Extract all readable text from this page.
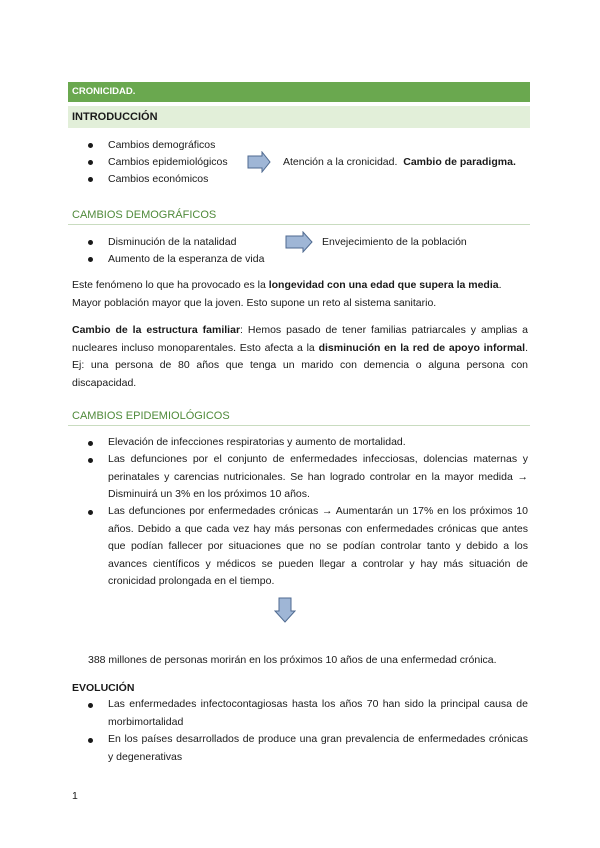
CRONICIDAD.
INTRODUCCIÓN
Cambios demográficos
Cambios epidemiológicos
Cambios económicos
Atención a la cronicidad. Cambio de paradigma.
CAMBIOS DEMOGRÁFICOS
Disminución de la natalidad
Aumento de la esperanza de vida
Envejecimiento de la población
Este fenómeno lo que ha provocado es la longevidad con una edad que supera la media.
Mayor población mayor que la joven. Esto supone un reto al sistema sanitario.
Cambio de la estructura familiar: Hemos pasado de tener familias patriarcales y amplias a nucleares incluso monoparentales. Esto afecta a la disminución en la red de apoyo informal. Ej: una persona de 80 años que tenga un marido con demencia o alguna persona con discapacidad.
CAMBIOS EPIDEMIOLÓGICOS
Elevación de infecciones respiratorias y aumento de mortalidad.
Las defunciones por el conjunto de enfermedades infecciosas, dolencias maternas y perinatales y carencias nutricionales. Se han logrado controlar en la mayor medida → Disminuirá un 3% en los próximos 10 años.
Las defunciones por enfermedades crónicas → Aumentarán un 17% en los próximos 10 años. Debido a que cada vez hay más personas con enfermedades crónicas que antes que podían fallecer por situaciones que no se podían controlar tanto y debido a los avances científicos y médicos se pueden llegar a controlar y hay más situación de cronicidad prolongada en el tiempo.
388 millones de personas morirán en los próximos 10 años de una enfermedad crónica.
EVOLUCIÓN
Las enfermedades infectocontagiosas hasta los años 70 han sido la principal causa de morbimortalidad
En los países desarrollados de produce una gran prevalencia de enfermedades crónicas y degenerativas
1
